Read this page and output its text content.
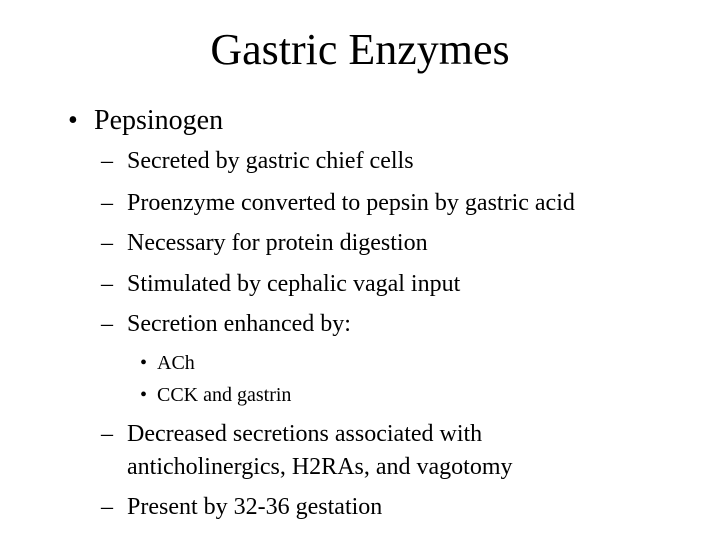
Gastric Enzymes
• Pepsinogen
– Secreted by gastric chief cells
– Proenzyme converted to pepsin by gastric acid
– Necessary for protein digestion
– Stimulated by cephalic vagal input
– Secretion enhanced by:
• ACh
• CCK and gastrin
– Decreased secretions associated with
anticholinergics, H2RAs, and vagotomy
– Present by 32-36 gestation
